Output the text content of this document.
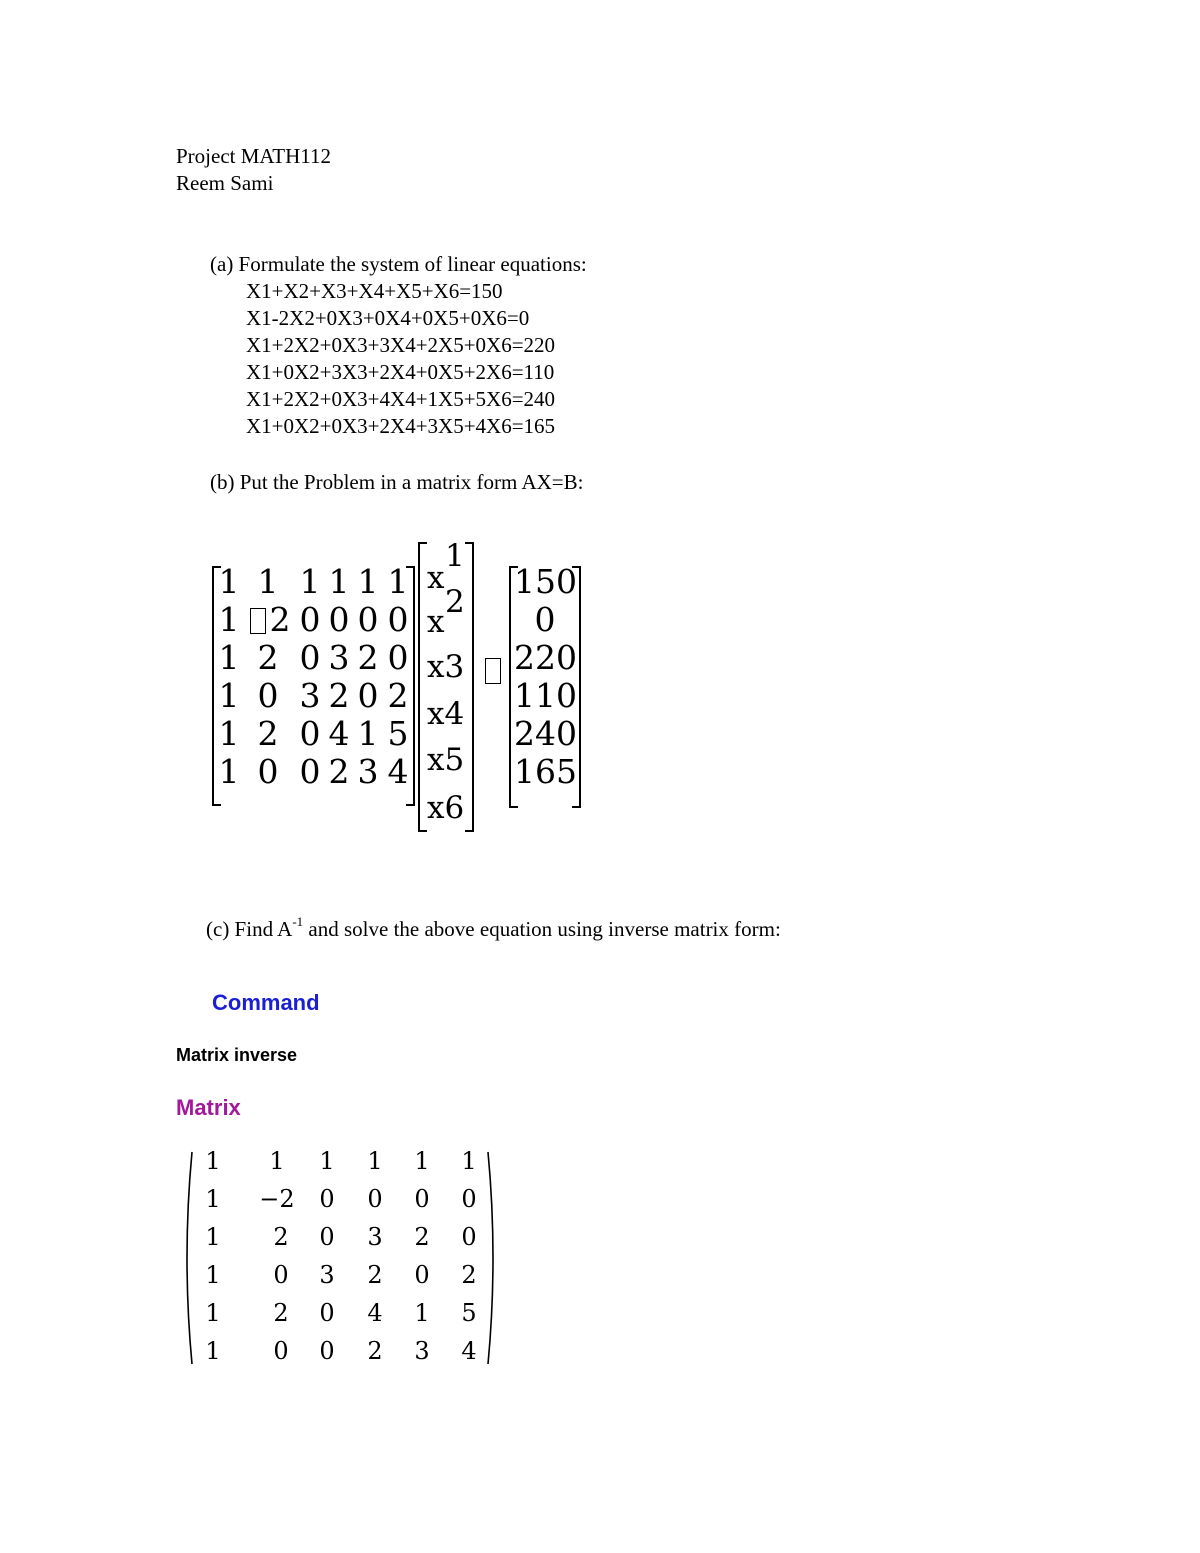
Project MATH112
Reem Sami
(a) Formulate the system of linear equations:
X1+X2+X3+X4+X5+X6=150
X1-2X2+0X3+0X4+0X5+0X6=0
X1+2X2+0X3+3X4+2X5+0X6=220
X1+0X2+3X3+2X4+0X5+2X6=110
X1+2X2+0X3+4X4+1X5+5X6=240
X1+0X2+0X3+2X4+3X5+4X6=165
(b) Put the Problem in a matrix form AX=B:
1 1 1 1 1 1
1 2 0 0 0 0
1 2 0 3 2 0
1 0 3 2 0 2
1 2 0 4 1 5
1 0 0 2 3 4
x
1
x
2
x3
x4
x5
x6
150
0
220
110
240
165
(c) Find $A^{-1}$ and solve the above equation using inverse matrix form:
Command
Matrix inverse
Matrix
1	1	1	1	1	1
1	−2	0	0	0	0
1	2	0	3	2	0
1	0	3	2	0	2
1	2	0	4	1	5
1	0	0	2	3	4
